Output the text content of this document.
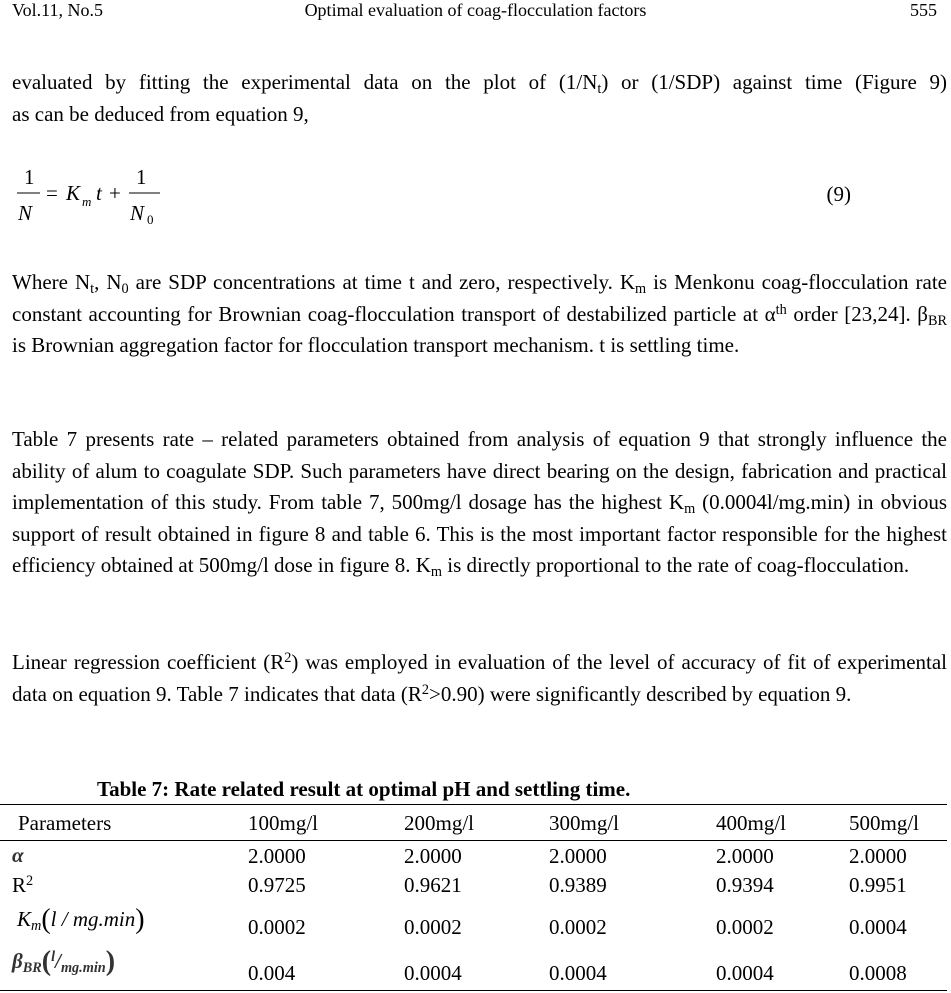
Vol.11, No.5	Optimal evaluation of coag-flocculation factors	555
evaluated by fitting the experimental data on the plot of $(1/N_t)$ or (1/SDP) against time (Figure 9)
as can be deduced from equation 9,
1
N
= K m t +
1
N 0
(9)
Where $N_t$, $N_0$ are SDP concentrations at time t and zero, respectively. $K_m$ is Menkonu coag-flocculation rate constant accounting for Brownian coag-flocculation transport of destabilized particle at $\alpha^{th}$ order [23,24]. $\beta_{BR}$ is Brownian aggregation factor for flocculation transport mechanism. t is settling time.
Table 7 presents rate – related parameters obtained from analysis of equation 9 that strongly influence the ability of alum to coagulate SDP. Such parameters have direct bearing on the design, fabrication and practical implementation of this study. From table 7, 500mg/l dosage has the highest $K_m$ (0.0004l/mg.min) in obvious support of result obtained in figure 8 and table 6. This is the most important factor responsible for the highest efficiency obtained at 500mg/l dose in figure 8. $K_m$ is directly proportional to the rate of coag-flocculation.
Linear regression coefficient $(R^2)$ was employed in evaluation of the level of accuracy of fit of experimental data on equation 9. Table 7 indicates that data $(R^2>0.90)$ were significantly described by equation 9.
Table 7: Rate related result at optimal pH and settling time.
Parameters	100mg/l	200mg/l	300mg/l	400mg/l	500mg/l
α	2.0000	2.0000	2.0000	2.0000	2.0000
$R^2$	0.9725	0.9621	0.9389	0.9394	0.9951
$K_m(l / mg.\min)$	0.0002	0.0002	0.0002	0.0002	0.0004
$\beta_{BR}(^l/_{mg.min})$	0.004	0.0004	0.0004	0.0004	0.0008
